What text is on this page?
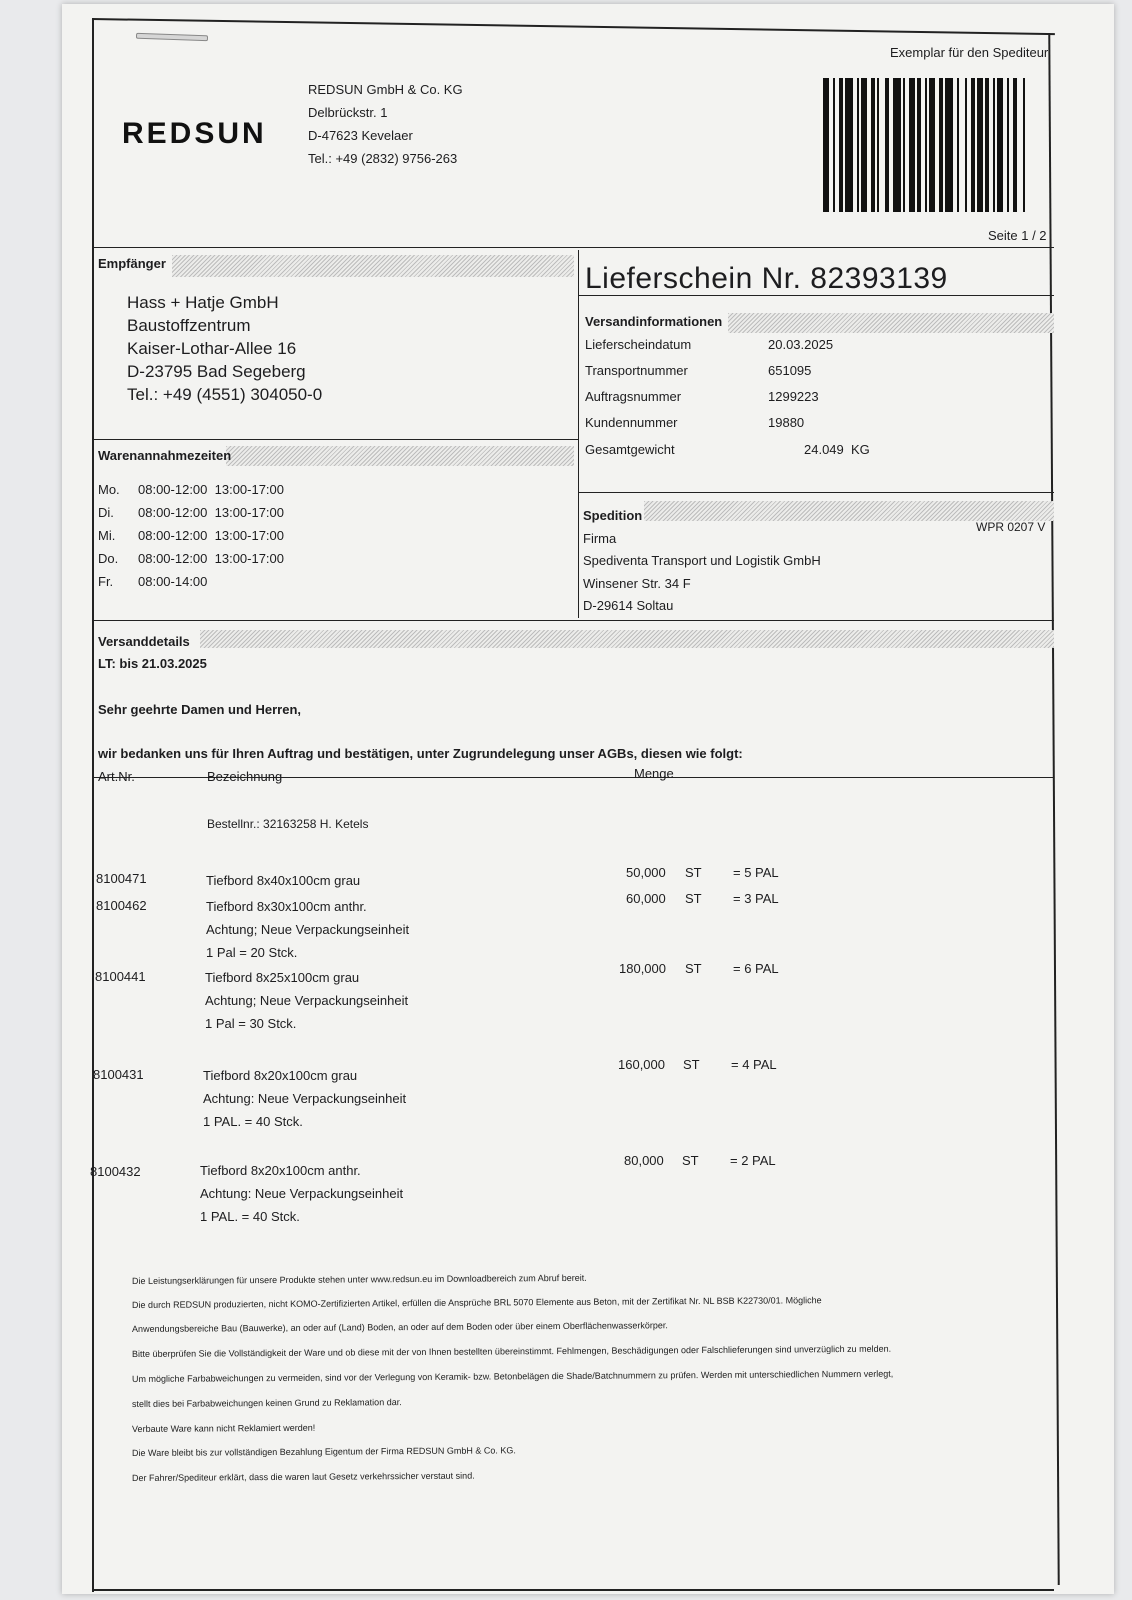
Exemplar für den Spediteur
REDSUN
REDSUN GmbH & Co. KG
Delbrückstr. 1
D-47623 Kevelaer
Tel.: +49 (2832) 9756-263
Seite 1 / 2
Empfänger
Hass + Hatje GmbH
Baustoffzentrum
Kaiser-Lothar-Allee 16
D-23795 Bad Segeberg
Tel.: +49 (4551) 304050-0
Lieferschein Nr. 82393139
Versandinformationen
Lieferscheindatum	20.03.2025
Transportnummer	651095
Auftragsnummer	1299223
Kundennummer	19880
Gesamtgewicht	24.049  KG
Warenannahmezeiten
Mo. 08:00-12:00  13:00-17:00
Di. 08:00-12:00  13:00-17:00
Mi. 08:00-12:00  13:00-17:00
Do. 08:00-12:00  13:00-17:00
Fr. 08:00-14:00
Spedition
WPR 0207 V
Firma
Spediventa Transport und Logistik GmbH
Winsener Str. 34 F
D-29614 Soltau
Versanddetails
LT: bis 21.03.2025
Sehr geehrte Damen und Herren,
wir bedanken uns für Ihren Auftrag und bestätigen, unter Zugrundelegung unser AGBs, diesen wie folgt:
Art.Nr.	Bezeichnung	Menge
Bestellnr.: 32163258 H. Ketels
8100471	Tiefbord 8x40x100cm grau
50,000 ST = 5 PAL
8100462	Tiefbord 8x30x100cm anthr.
Achtung; Neue Verpackungseinheit
1 Pal = 20 Stck.
60,000 ST = 3 PAL
8100441	Tiefbord 8x25x100cm grau
Achtung; Neue Verpackungseinheit
1 Pal = 30 Stck.
180,000 ST = 6 PAL
8100431	Tiefbord 8x20x100cm grau
Achtung: Neue Verpackungseinheit
1 PAL. = 40 Stck.
160,000 ST = 4 PAL
8100432	Tiefbord 8x20x100cm anthr.
Achtung: Neue Verpackungseinheit
1 PAL. = 40 Stck.
80,000 ST = 2 PAL
Die Leistungserklärungen für unsere Produkte stehen unter www.redsun.eu im Downloadbereich zum Abruf bereit.
Die durch REDSUN produzierten, nicht KOMO-Zertifizierten Artikel, erfüllen die Ansprüche BRL 5070 Elemente aus Beton, mit der Zertifikat Nr. NL BSB K22730/01. Mögliche
Anwendungsbereiche Bau (Bauwerke), an oder auf (Land) Boden, an oder auf dem Boden oder über einem Oberflächenwasserkörper.
Bitte überprüfen Sie die Vollständigkeit der Ware und ob diese mit der von Ihnen bestellten übereinstimmt. Fehlmengen, Beschädigungen oder Falschlieferungen sind unverzüglich zu melden.
Um mögliche Farbabweichungen zu vermeiden, sind vor der Verlegung von Keramik- bzw. Betonbelägen die Shade/Batchnummern zu prüfen. Werden mit unterschiedlichen Nummern verlegt,
stellt dies bei Farbabweichungen keinen Grund zu Reklamation dar.
Verbaute Ware kann nicht Reklamiert werden!
Die Ware bleibt bis zur vollständigen Bezahlung Eigentum der Firma REDSUN GmbH & Co. KG.
Der Fahrer/Spediteur erklärt, dass die waren laut Gesetz verkehrssicher verstaut sind.
